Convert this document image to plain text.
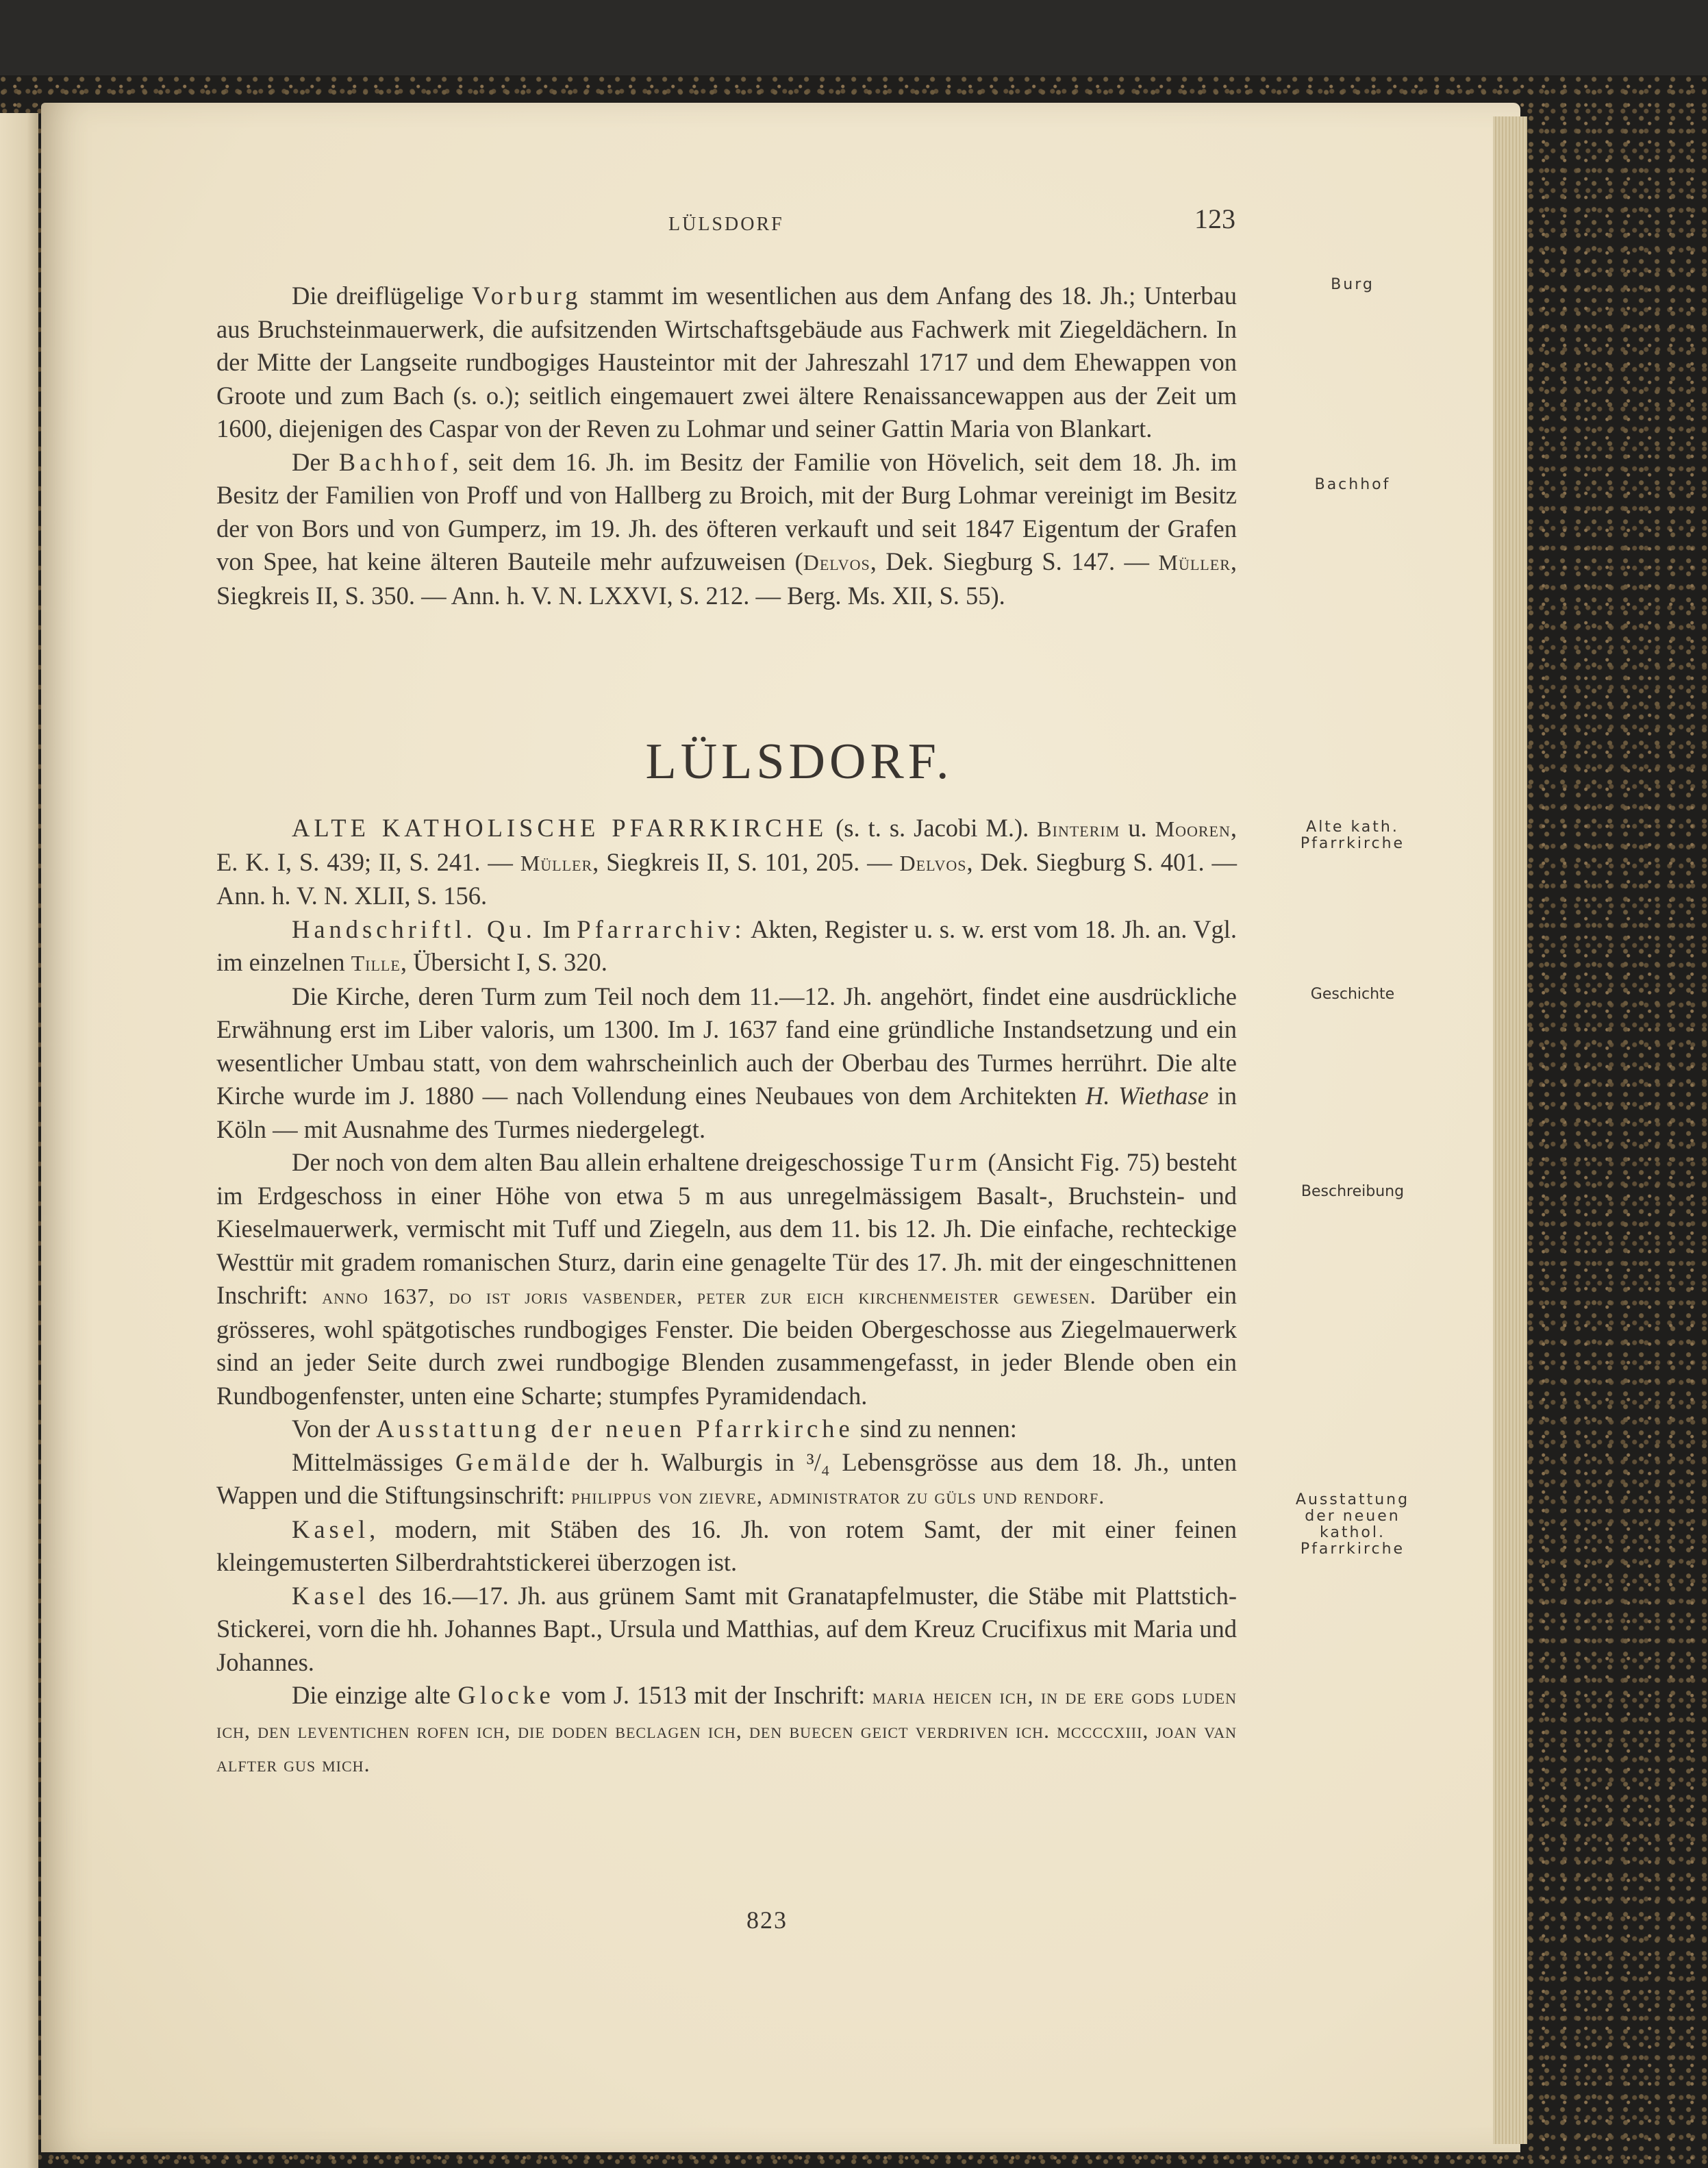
LÜLSDORF	123

Die dreiflügelige Vorburg stammt im wesentlichen aus dem Anfang des 18. Jh.; Unterbau aus Bruchsteinmauerwerk, die aufsitzenden Wirtschaftsgebäude aus Fachwerk mit Ziegeldächern. In der Mitte der Langseite rundbogiges Hausteintor mit der Jahreszahl 1717 und dem Ehewappen von Groote und zum Bach (s. o.); seitlich eingemauert zwei ältere Renaissancewappen aus der Zeit um 1600, diejenigen des Caspar von der Reven zu Lohmar und seiner Gattin Maria von Blankart.

Der Bachhof, seit dem 16. Jh. im Besitz der Familie von Hövelich, seit dem 18. Jh. im Besitz der Familien von Proff und von Hallberg zu Broich, mit der Burg Lohmar vereinigt im Besitz der von Bors und von Gumperz, im 19. Jh. des öfteren verkauft und seit 1847 Eigentum der Grafen von Spee, hat keine älteren Bauteile mehr aufzuweisen (Delvos, Dek. Siegburg S. 147. — Müller, Siegkreis II, S. 350. — Ann. h. V. N. LXXVI, S. 212. — Berg. Ms. XII, S. 55).

LÜLSDORF.

ALTE KATHOLISCHE PFARRKIRCHE (s. t. s. Jacobi M.). Binterim u. Mooren, E. K. I, S. 439; II, S. 241. — Müller, Siegkreis II, S. 101, 205. — Delvos, Dek. Siegburg S. 401. — Ann. h. V. N. XLII, S. 156.

Handschriftl. Qu. Im Pfarrarchiv: Akten, Register u. s. w. erst vom 18. Jh. an. Vgl. im einzelnen Tille, Übersicht I, S. 320.

Die Kirche, deren Turm zum Teil noch dem 11.—12. Jh. angehört, findet eine ausdrückliche Erwähnung erst im Liber valoris, um 1300. Im J. 1637 fand eine gründliche Instandsetzung und ein wesentlicher Umbau statt, von dem wahrscheinlich auch der Oberbau des Turmes herrührt. Die alte Kirche wurde im J. 1880 — nach Vollendung eines Neubaues von dem Architekten H. Wiethase in Köln — mit Ausnahme des Turmes niedergelegt.

Der noch von dem alten Bau allein erhaltene dreigeschossige Turm (Ansicht Fig. 75) besteht im Erdgeschoss in einer Höhe von etwa 5 m aus unregelmässigem Basalt-, Bruchstein- und Kieselmauerwerk, vermischt mit Tuff und Ziegeln, aus dem 11. bis 12. Jh. Die einfache, rechteckige Westtür mit gradem romanischen Sturz, darin eine genagelte Tür des 17. Jh. mit der eingeschnittenen Inschrift: anno 1637, do ist joris vasbender, peter zur eich kirchenmeister gewesen. Darüber ein grösseres, wohl spätgotisches rundbogiges Fenster. Die beiden Obergeschosse aus Ziegelmauerwerk sind an jeder Seite durch zwei rundbogige Blenden zusammengefasst, in jeder Blende oben ein Rundbogenfenster, unten eine Scharte; stumpfes Pyramidendach.

Von der Ausstattung der neuen Pfarrkirche sind zu nennen:

Mittelmässiges Gemälde der h. Walburgis in ³/₄ Lebensgrösse aus dem 18. Jh., unten Wappen und die Stiftungsinschrift: philippus von zievre, administrator zu güls und rendorf.

Kasel, modern, mit Stäben des 16. Jh. von rotem Samt, der mit einer feinen kleingemusterten Silberdrahtstickerei überzogen ist.

Kasel des 16.—17. Jh. aus grünem Samt mit Granatapfelmuster, die Stäbe mit Plattstich-Stickerei, vorn die hh. Johannes Bapt., Ursula und Matthias, auf dem Kreuz Crucifixus mit Maria und Johannes.

Die einzige alte Glocke vom J. 1513 mit der Inschrift: maria heicen ich, in de ere gods luden ich, den leventichen rofen ich, die doden beclagen ich, den buecen geict verdriven ich. mccccxiii, joan van alfter gus mich.

Burg
Bachhof
Alte kath.
Pfarrkirche
Geschichte
Beschreibung
Ausstattung
der neuen
kathol.
Pfarrkirche
823
